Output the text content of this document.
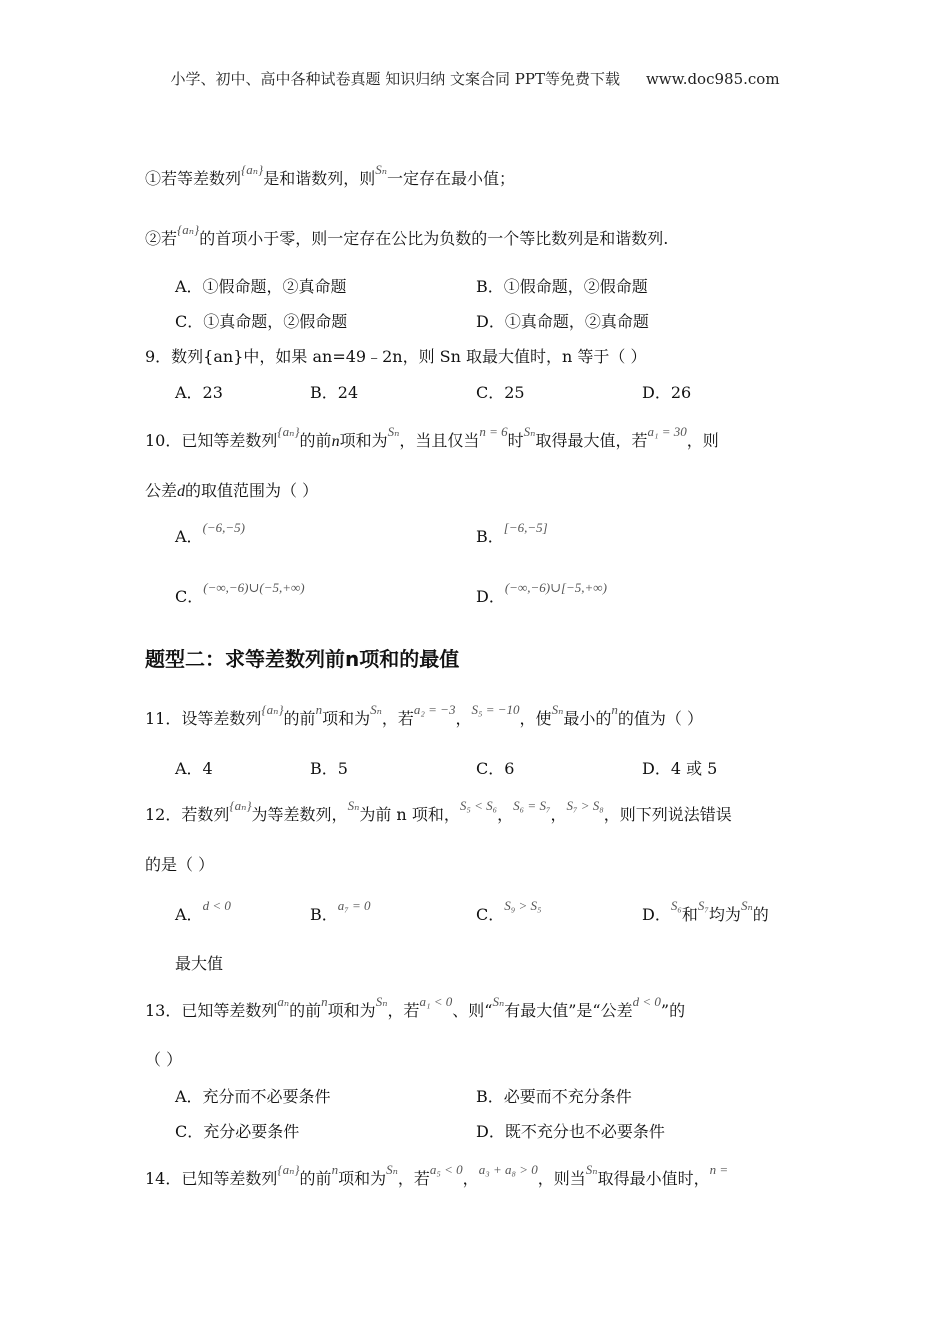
小学、初中、高中各种试卷真题 知识归纳 文案合同 PPT等免费下载 www.doc985.com
①若等差数列$^{\{a_n\}}$是和谐数列，则$^{S_n}$一定存在最小值；
②若$^{\{a_n\}}$的首项小于零，则一定存在公比为负数的一个等比数列是和谐数列.
A．①假命题，②真命题	B．①假命题，②假命题
C．①真命题，②假命题	D．①真命题，②真命题
9．数列{an}中，如果 an=49﹣2n，则 Sn 取最大值时，n 等于（ ）
A．23	B．24	C．25	D．26
10．已知等差数列$^{\{a_n\}}$的前n项和为$^{S_n}$，当且仅当$^{n = 6}$时$^{S_n}$取得最大值，若$^{a_1 = 30}$，则
公差d的取值范围为（ ）
A．$^{(-6,-5)}$	B．[−6,−5]
C．$^{(-\infty,-6)\cup(-5,+\infty)}$	D．$^{(-\infty,-6)\cup[-5,+\infty)}$
题型二：求等差数列前n项和的最值
11．设等差数列$^{\{a_n\}}$的前$^n$项和为$^{S_n}$，若$^{a_2 = -3}$，$^{S_5 = -10}$，使$^{S_n}$最小的$^n$的值为（ ）
A．4	B．5	C．6	D．4 或 5
12．若数列$^{\{a_n\}}$为等差数列，$^{S_n}$为前 n 项和，$^{S_5 < S_6}$，$^{S_6 = S_7}$，$^{S_7 > S_8}$，则下列说法错误
的是（ ）
A．$^{d < 0}$	B．$^{a_7 = 0}$	C．$^{S_9 > S_5}$	D．$^{S_6}$和$^{S_7}$均为$^{S_n}$的
最大值
13．已知等差数列$^{a_n}$的前$^n$项和为$^{S_n}$，若$^{a_1 < 0}$、则“$^{S_n}$有最大值”是“公差$^{d < 0}$”的
（ ）
A．充分而不必要条件	B．必要而不充分条件
C．充分必要条件	D．既不充分也不必要条件
14．已知等差数列$^{\{a_n\}}$的前$^n$项和为$^{S_n}$，若$^{a_5 < 0}$，$^{a_3 + a_8 > 0}$，则当$^{S_n}$取得最小值时，$^{n =}$
